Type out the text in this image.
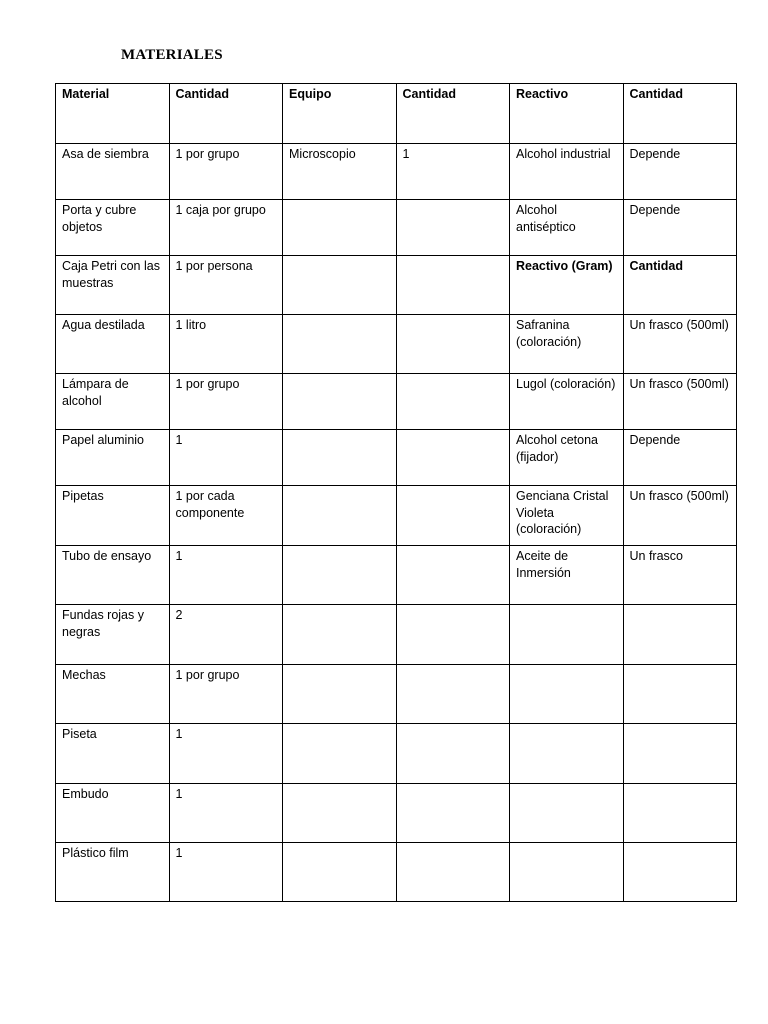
MATERIALES
Material	Cantidad	Equipo	Cantidad	Reactivo	Cantidad
Asa de siembra	1 por grupo	Microscopio	1	Alcohol industrial	Depende
Porta y cubre objetos	1 caja por grupo			Alcohol antiséptico	Depende
Caja Petri con las muestras	1 por persona			Reactivo (Gram)	Cantidad
Agua destilada	1 litro			Safranina (coloración)	Un frasco (500ml)
Lámpara de alcohol	1 por grupo			Lugol (coloración)	Un frasco (500ml)
Papel aluminio	1			Alcohol cetona (fijador)	Depende
Pipetas	1 por cada componente			Genciana Cristal Violeta (coloración)	Un frasco (500ml)
Tubo de ensayo	1			Aceite de Inmersión	Un frasco
Fundas rojas y negras	2				
Mechas	1 por grupo				
Piseta	1				
Embudo	1				
Plástico film	1				
